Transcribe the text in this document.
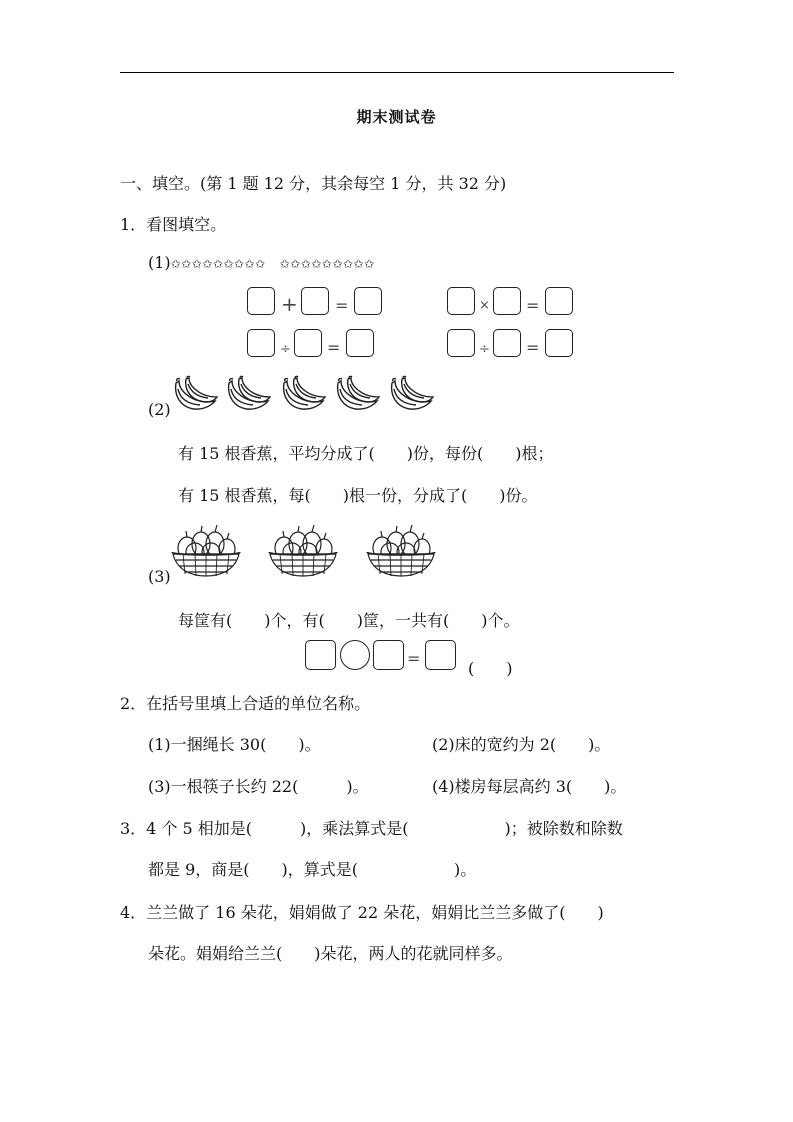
期末测试卷
一、填空。(第 1 题 12 分，其余每空 1 分，共 32 分)
1．看图填空。
(1)✩✩✩✩✩✩✩✩✩ ✩✩✩✩✩✩✩✩✩
+ =	× =
÷ =	÷ =
(2)
有 15 根香蕉，平均分成了(　　)份，每份(　　)根；
有 15 根香蕉，每(　　)根一份，分成了(　　)份。
(3)
每筐有(　　)个，有(　　)筐，一共有(　　)个。
=
(　　)
2．在括号里填上合适的单位名称。
(1)一捆绳长 30(　　)。	(2)床的宽约为 2(　　)。
(3)一根筷子长约 22(　　　)。	(4)楼房每层高约 3(　　)。
3．4 个 5 相加是(　　　)，乘法算式是(　　　　　　)；被除数和除数
都是 9，商是(　　)，算式是(　　　　　　)。
4．兰兰做了 16 朵花，娟娟做了 22 朵花，娟娟比兰兰多做了(　　)
朵花。娟娟给兰兰(　　)朵花，两人的花就同样多。
